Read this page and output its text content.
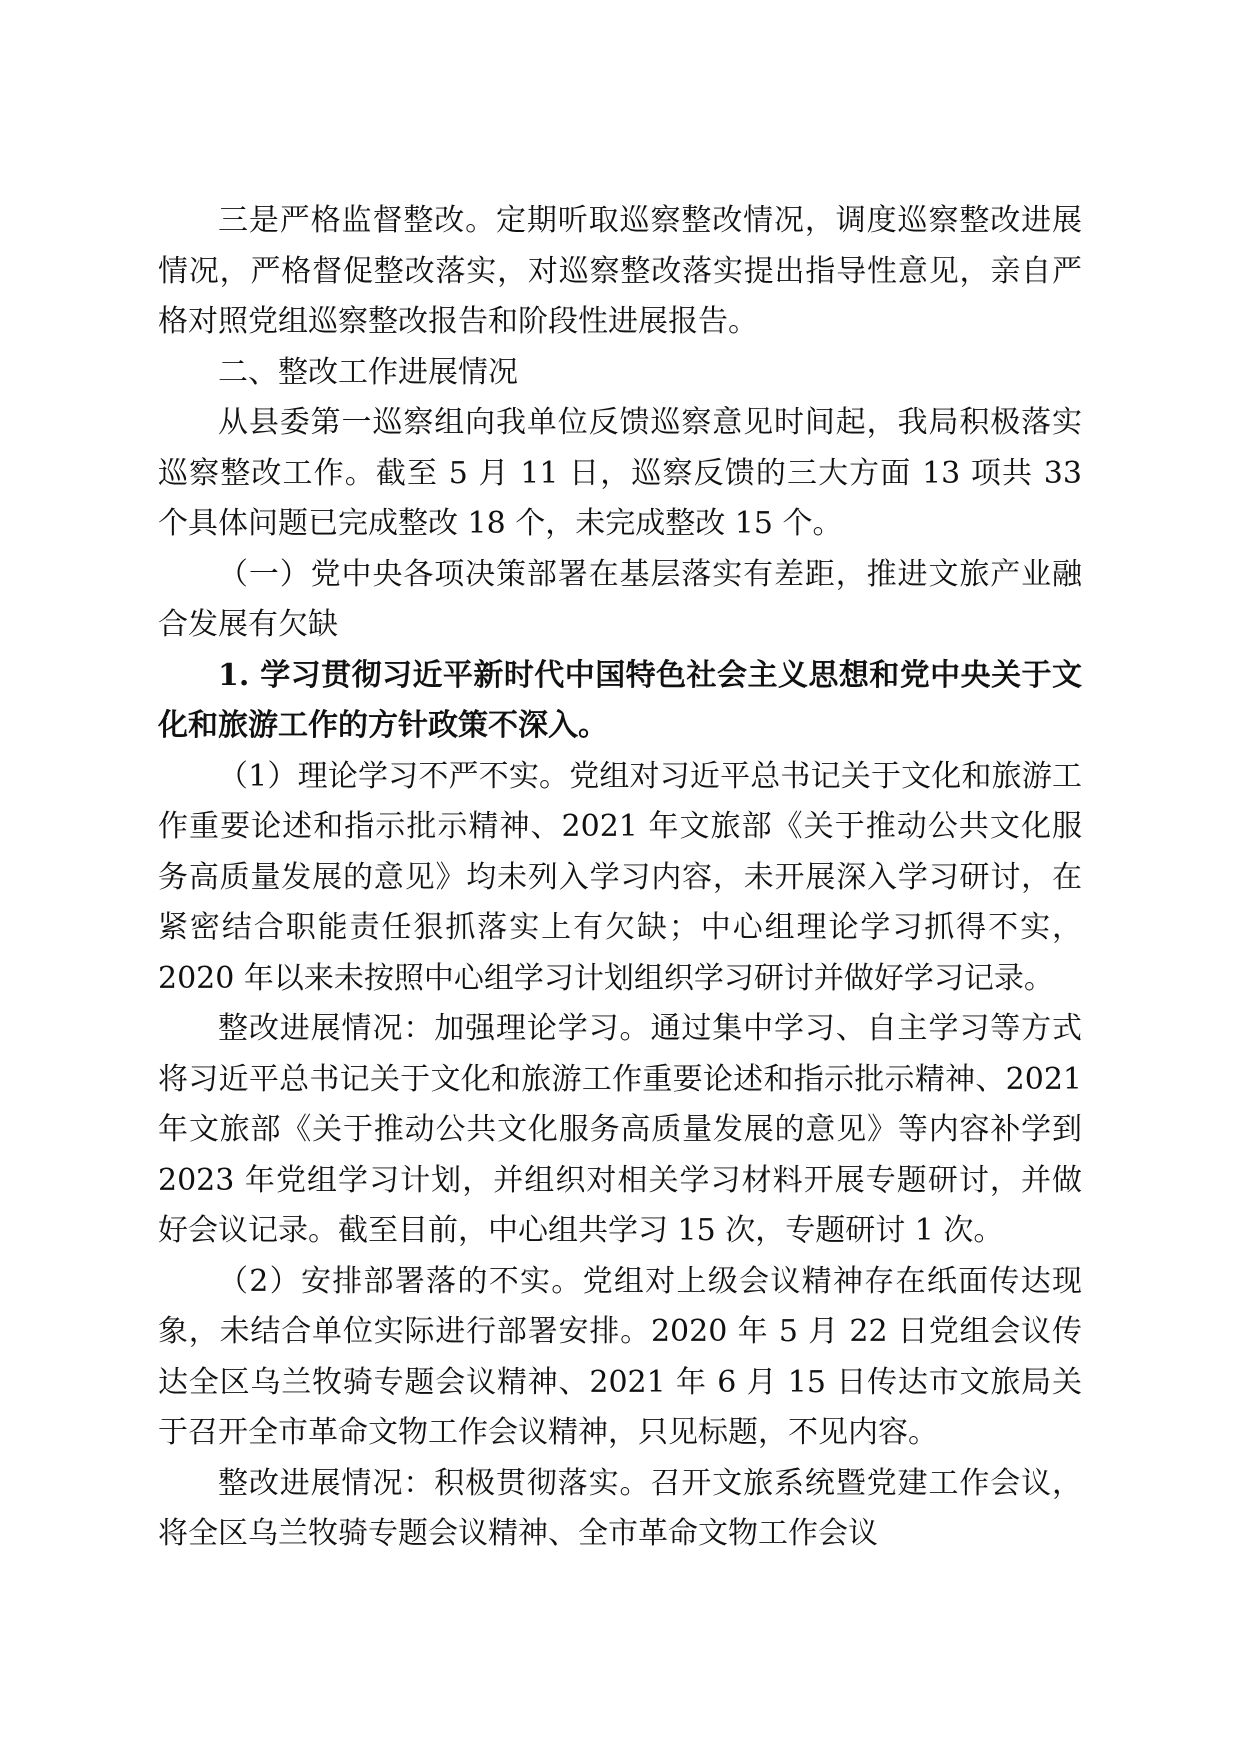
三是严格监督整改。定期听取巡察整改情况，调度巡察整改进展情况，严格督促整改落实，对巡察整改落实提出指导性意见，亲自严格对照党组巡察整改报告和阶段性进展报告。

二、整改工作进展情况

从县委第一巡察组向我单位反馈巡察意见时间起，我局积极落实巡察整改工作。截至 5 月 11 日，巡察反馈的三大方面 13 项共 33 个具体问题已完成整改 18 个，未完成整改 15 个。

（一）党中央各项决策部署在基层落实有差距，推进文旅产业融合发展有欠缺

1. 学习贯彻习近平新时代中国特色社会主义思想和党中央关于文化和旅游工作的方针政策不深入。

（1）理论学习不严不实。党组对习近平总书记关于文化和旅游工作重要论述和指示批示精神、2021 年文旅部《关于推动公共文化服务高质量发展的意见》均未列入学习内容，未开展深入学习研讨，在紧密结合职能责任狠抓落实上有欠缺；中心组理论学习抓得不实，2020 年以来未按照中心组学习计划组织学习研讨并做好学习记录。

整改进展情况：加强理论学习。通过集中学习、自主学习等方式将习近平总书记关于文化和旅游工作重要论述和指示批示精神、2021 年文旅部《关于推动公共文化服务高质量发展的意见》等内容补学到 2023 年党组学习计划，并组织对相关学习材料开展专题研讨，并做好会议记录。截至目前，中心组共学习 15 次，专题研讨 1 次。

（2）安排部署落的不实。党组对上级会议精神存在纸面传达现象，未结合单位实际进行部署安排。2020 年 5 月 22 日党组会议传达全区乌兰牧骑专题会议精神、2021 年 6 月 15 日传达市文旅局关于召开全市革命文物工作会议精神，只见标题，不见内容。

整改进展情况：积极贯彻落实。召开文旅系统暨党建工作会议，将全区乌兰牧骑专题会议精神、全市革命文物工作会议
